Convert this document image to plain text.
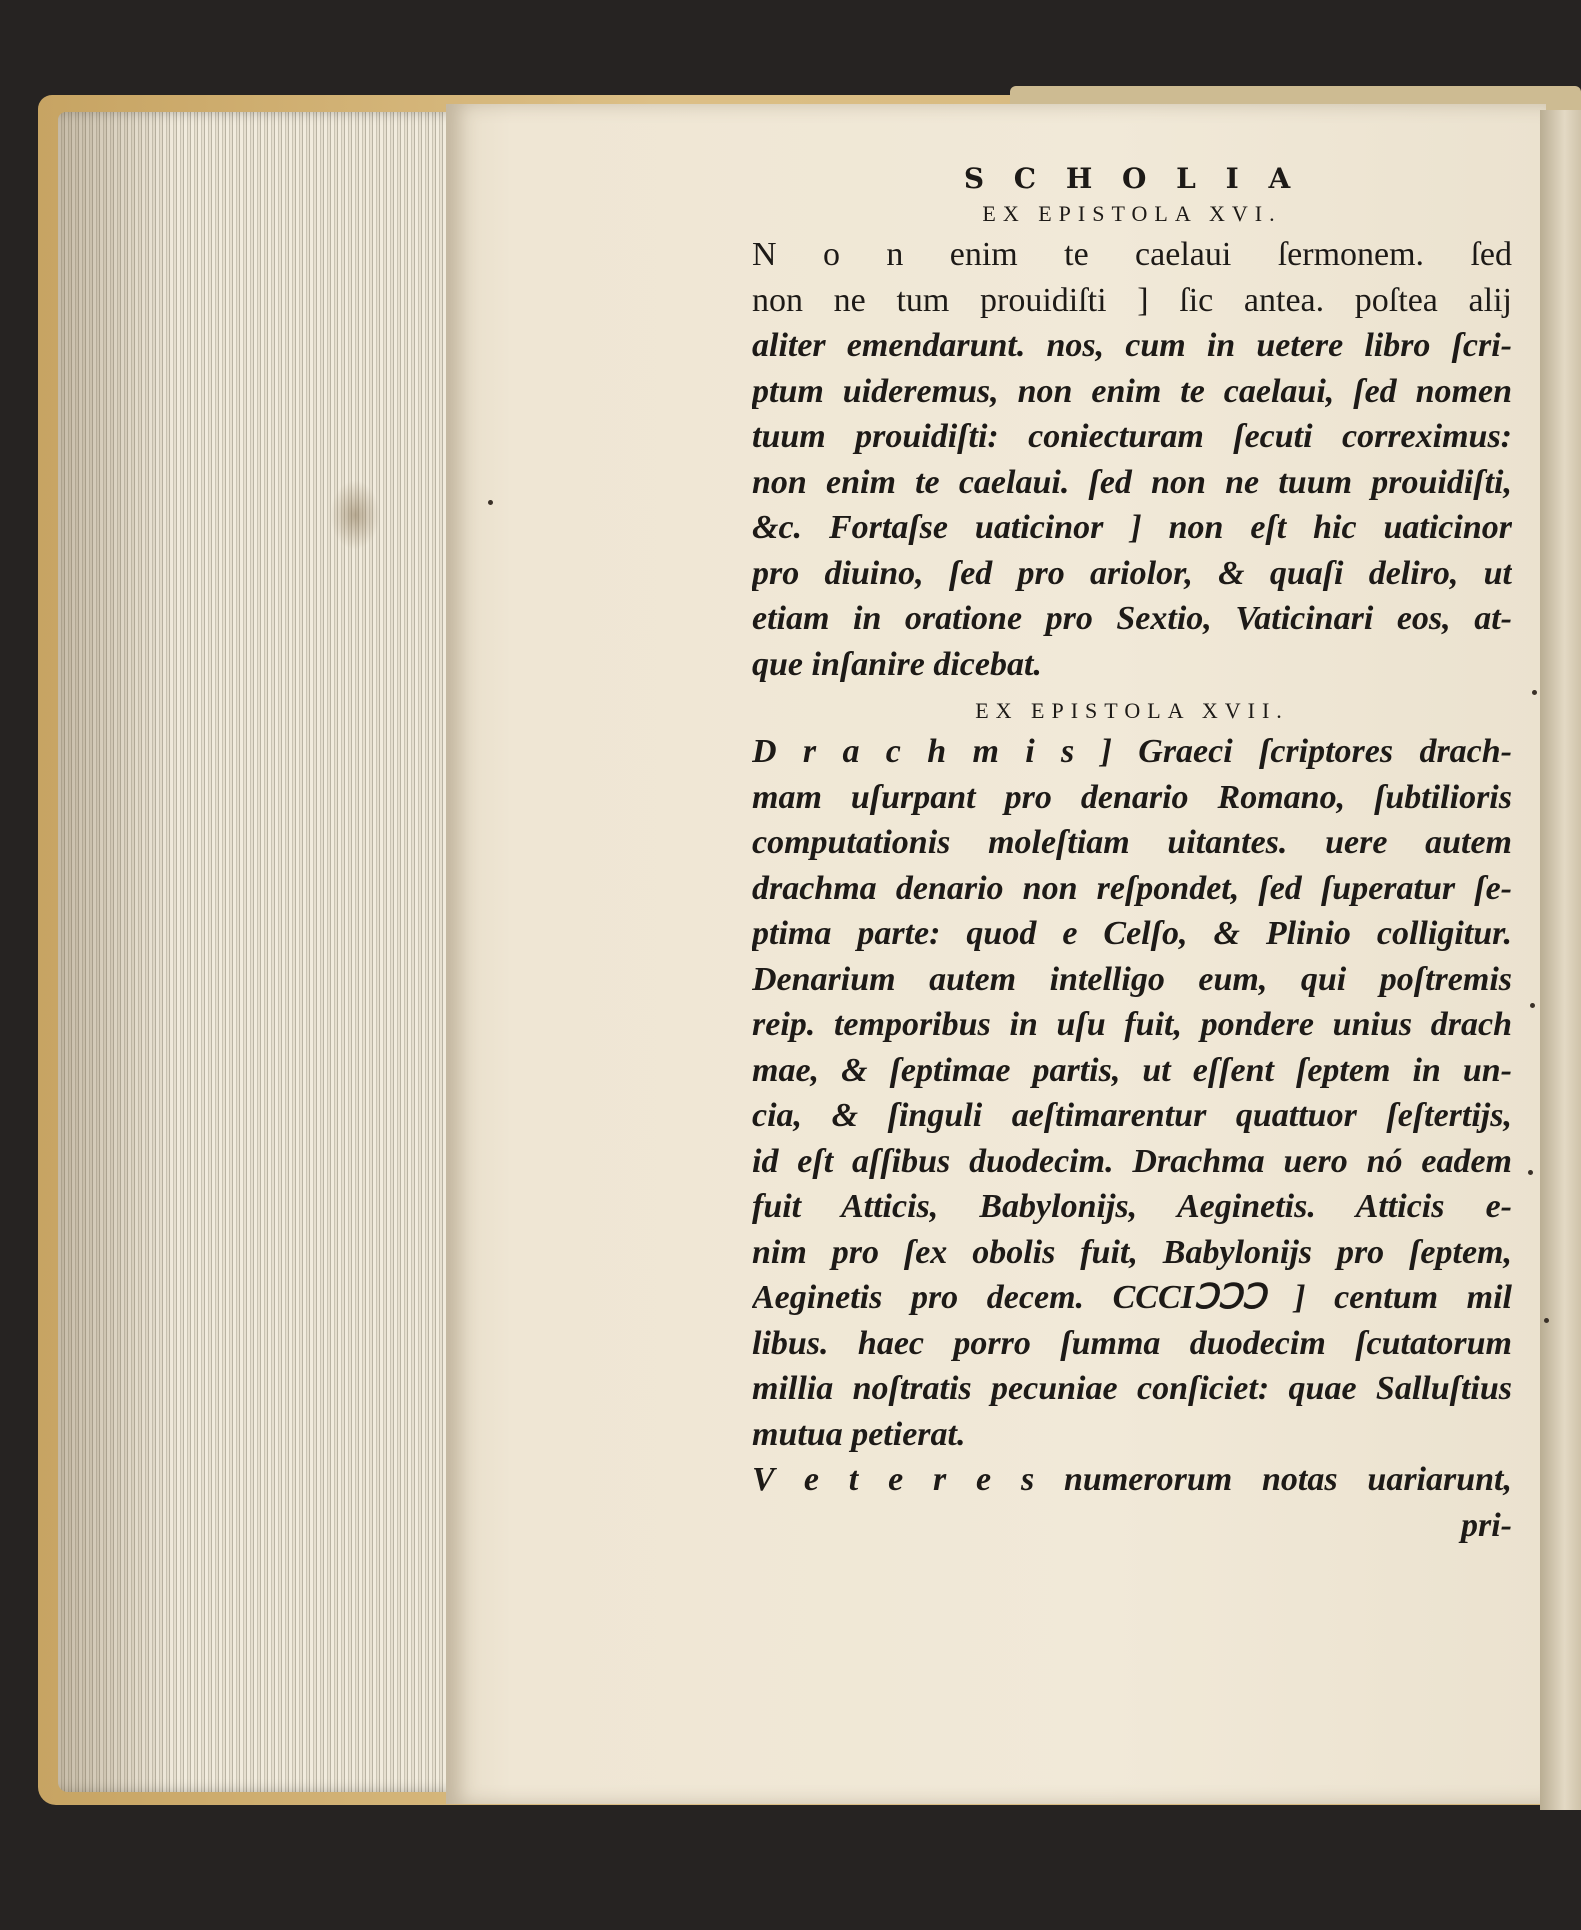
S C H O L I A
EX EPISTOLA XVI.
N o n enim te caelaui ſermonem. ſed
non ne tum prouidiſti ] ſic antea. poſtea alij
aliter emendarunt. nos, cum in uetere libro ſcri-
ptum uideremus, non enim te caelaui, ſed nomen
tuum prouidiſti: coniecturam ſecuti correximus:
non enim te caelaui. ſed non ne tuum prouidiſti,
&c. Fortaſse uaticinor ] non eſt hic uaticinor
pro diuino, ſed pro ariolor, & quaſi deliro, ut
etiam in oratione pro Sextio, Vaticinari eos, at-
que inſanire dicebat.
EX EPISTOLA XVII.
D r a c h m i s ] Graeci ſcriptores drach-
mam uſurpant pro denario Romano, ſubtilioris
computationis moleſtiam uitantes. uere autem
drachma denario non reſpondet, ſed ſuperatur ſe-
ptima parte: quod e Celſo, & Plinio colligitur.
Denarium autem intelligo eum, qui poſtremis
reip. temporibus in uſu fuit, pondere unius drach
mae, & ſeptimae partis, ut eſſent ſeptem in un-
cia, & ſinguli aeſtimarentur quattuor ſeſtertijs,
id eſt aſſibus duodecim. Drachma uero nó eadem
fuit Atticis, Babylonijs, Aeginetis. Atticis e-
nim pro ſex obolis fuit, Babylonijs pro ſeptem,
Aeginetis pro decem. CCCIↃↃↃ ] centum mil
libus. haec porro ſumma duodecim ſcutatorum
millia noſtratis pecuniae conſiciet: quae Salluſtius
mutua petierat.
V e t e r e s numerorum notas uariarunt,
pri-
